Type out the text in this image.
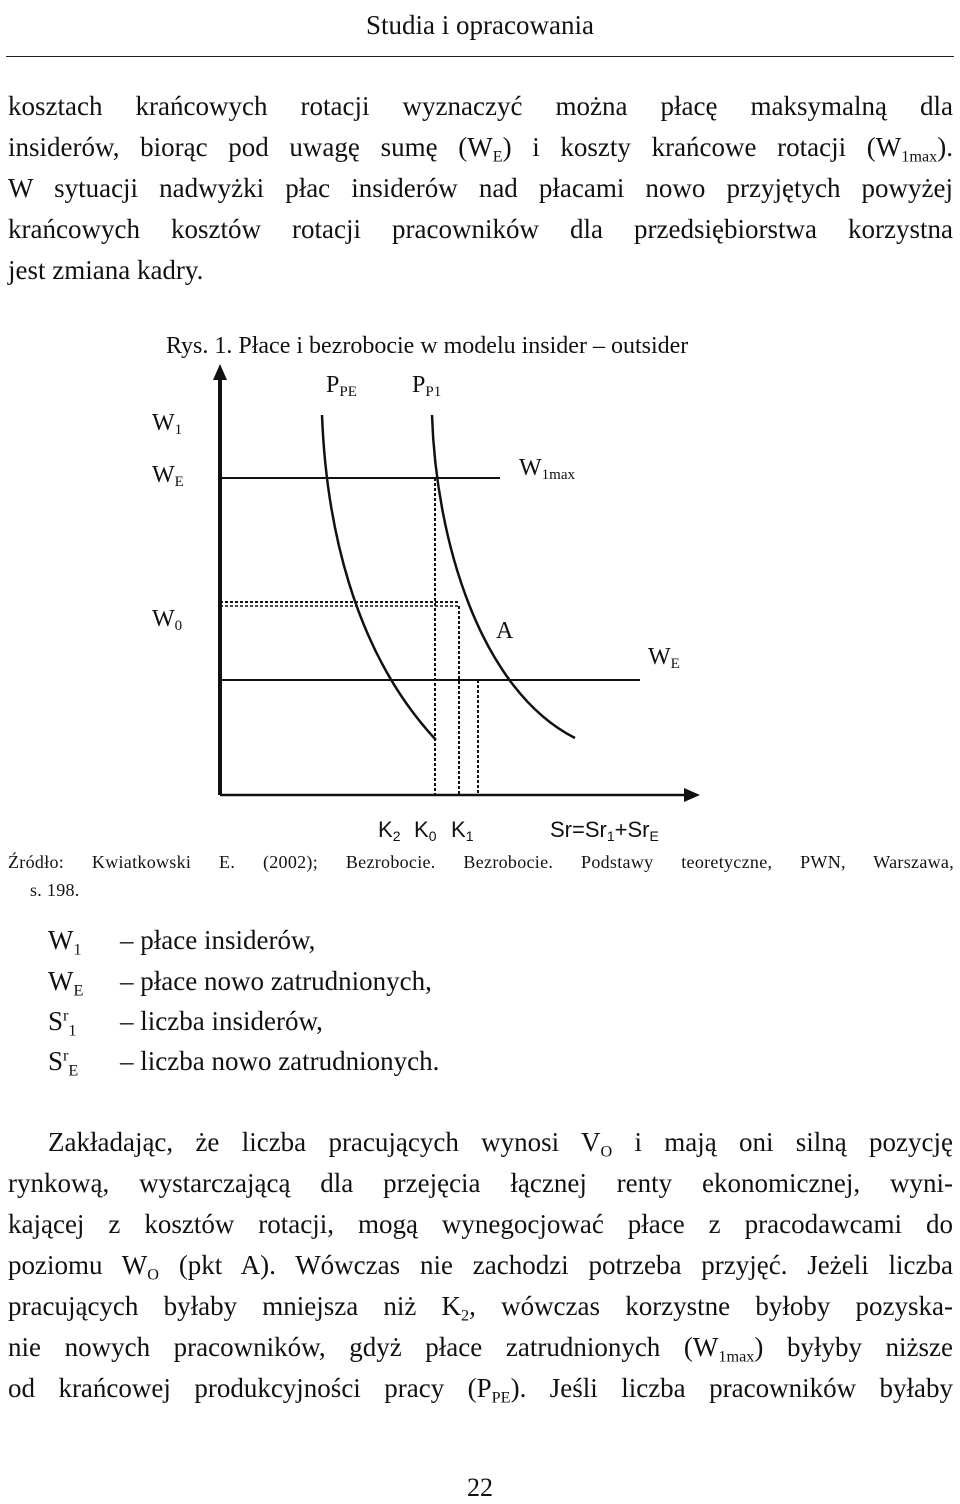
Studia i opracowania
kosztach krańcowych rotacji wyznaczyć można płacę maksymalną dla
insiderów, biorąc pod uwagę sumę $(W_E)$ i koszty krańcowe rotacji $(W_{1max})$.
W sytuacji nadwyżki płac insiderów nad płacami nowo przyjętych powyżej
krańcowych kosztów rotacji pracowników dla przedsiębiorstwa korzystna
jest zmiana kadry.
Rys. 1. Płace i bezrobocie w modelu insider – outsider
PPE PP1
W1
WE
W1max
W0	A
WE
K2 K0 K1	Sr=Sr1+SrE
Źródło: Kwiatkowski E. (2002); Bezrobocie. Bezrobocie. Podstawy teoretyczne, PWN, Warszawa,
s. 198.
$W_1$ – płace insiderów,
$W_E$ – płace nowo zatrudnionych,
$S^r_1$ – liczba insiderów,
$S^r_E$ – liczba nowo zatrudnionych.
Zakładając, że liczba pracujących wynosi $V_O$ i mają oni silną pozycję
rynkową, wystarczającą dla przejęcia łącznej renty ekonomicznej, wyni-
kającej z kosztów rotacji, mogą wynegocjować płace z pracodawcami do
poziomu $W_O$ (pkt A). Wówczas nie zachodzi potrzeba przyjęć. Jeżeli liczba
pracujących byłaby mniejsza niż $K_2$, wówczas korzystne byłoby pozyska-
nie nowych pracowników, gdyż płace zatrudnionych $(W_{1max})$ byłyby niższe
od krańcowej produkcyjności pracy $(P_{PE})$. Jeśli liczba pracowników byłaby
22
